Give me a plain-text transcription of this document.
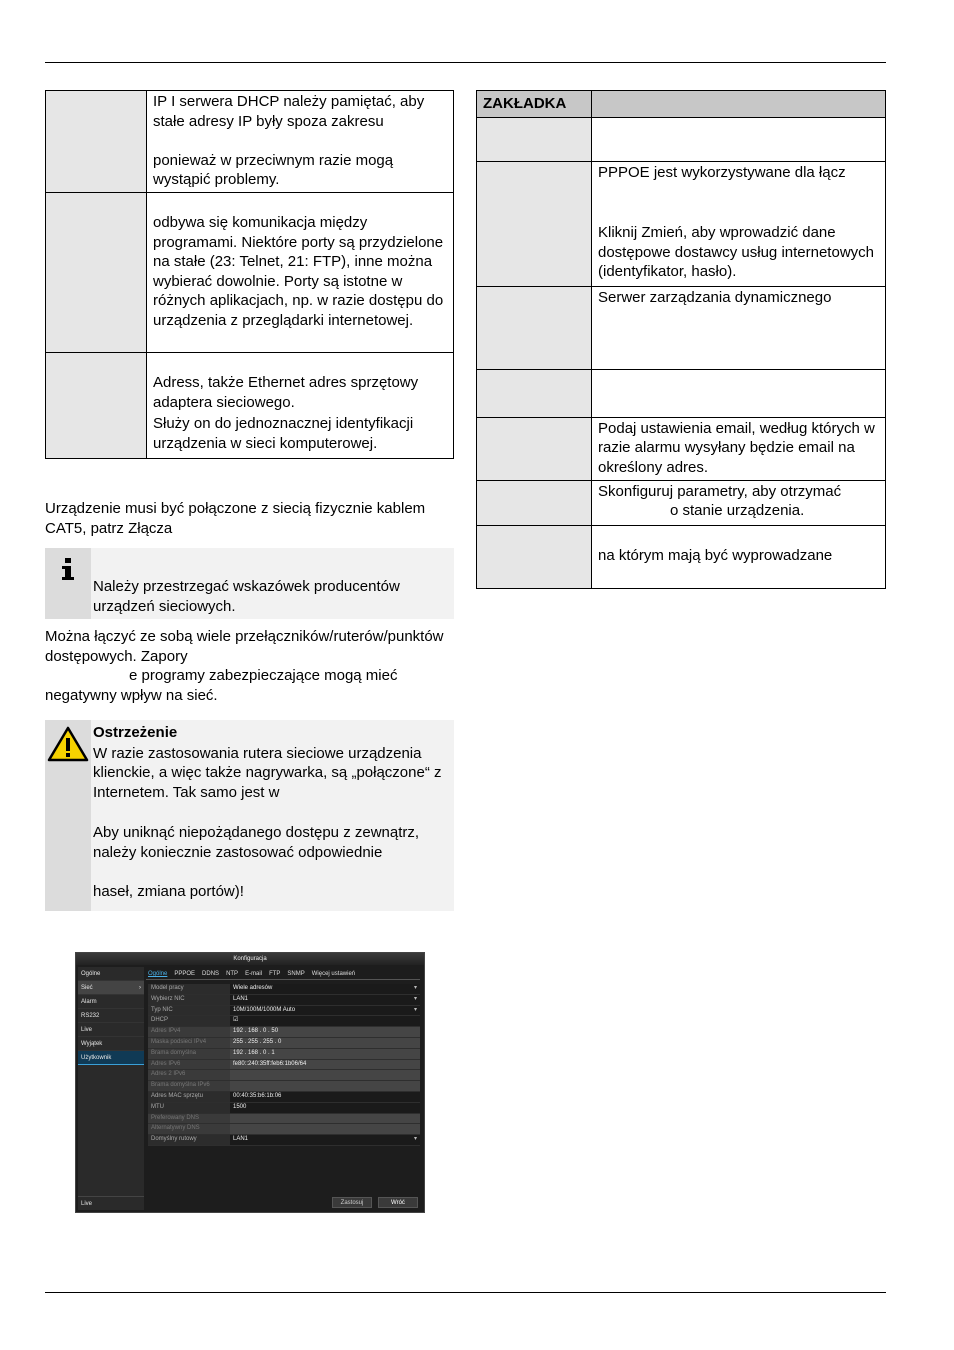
	IP I serwera DHCP należy pamiętać, aby stałe adresy IP były spoza zakresu

ponieważ w przeciwnym razie mogą wystąpić problemy.

	odbywa się komunikacja między programami. Niektóre porty są przydzielone na stałe (23: Telnet, 21: FTP), inne można wybierać dowolnie. Porty są istotne w różnych aplikacjach, np. w razie dostępu do urządzenia z przeglądarki internetowej.

	Adress, także Ethernet adres sprzętowy adaptera sieciowego.

Służy on do jednoznacznej identyfikacji urządzenia w sieci komputerowej.

ZAKŁADKA	

	PPPOE jest wykorzystywane dla łącz

Kliknij Zmień, aby wprowadzić dane dostępowe dostawcy usług internetowych (identyfikator, hasło).

	Serwer zarządzania dynamicznego

	Podaj ustawienia email, według których w razie alarmu wysyłany będzie email na określony adres.

	Skonfiguruj parametry, aby otrzymać

o stanie urządzenia.

	na którym mają być wyprowadzane

Urządzenie musi być połączone z siecią fizycznie kablem CAT5, patrz Złącza

Należy przestrzegać wskazówek producentów urządzeń sieciowych.

Można łączyć ze sobą wiele przełączników/ruterów/punktów dostępowych. Zapory

e programy zabezpieczające mogą mieć

negatywny wpływ na sieć.

Ostrzeżenie

W razie zastosowania rutera sieciowe urządzenia klienckie, a więc także nagrywarka, są „połączone“ z Internetem. Tak samo jest w

Aby uniknąć niepożądanego dostępu z zewnątrz, należy koniecznie zastosować odpowiednie

haseł, zmiana portów)!

Konfiguracja
Ogólne
Sieć	›
Alarm
RS232
Live
Wyjątek
Użytkownik
Live
Ogólne PPPOE DDNS NTP E-mail FTP SNMP Więcej ustawień
Model pracy	Wiele adresów ▾
Wybierz NIC	LAN1 ▾
Typ NIC	10M/100M/1000M Auto ▾
DHCP	☑
Adres IPv4	192 . 168 . 0 . 50
Maska podsieci IPv4	255 . 255 . 255 . 0
Brama domyślna	192 . 168 . 0 . 1
Adres IPv6	fe80::240:35ff:feb6:1b06/64
Adres 2 IPv6
Brama domyślna IPv6
Adres MAC sprzętu	00:40:35:b6:1b:06
MTU	1500
Preferowany DNS
Alternatywny DNS
Domyślny rutowy	LAN1 ▾
Zastosuj	Wróć
